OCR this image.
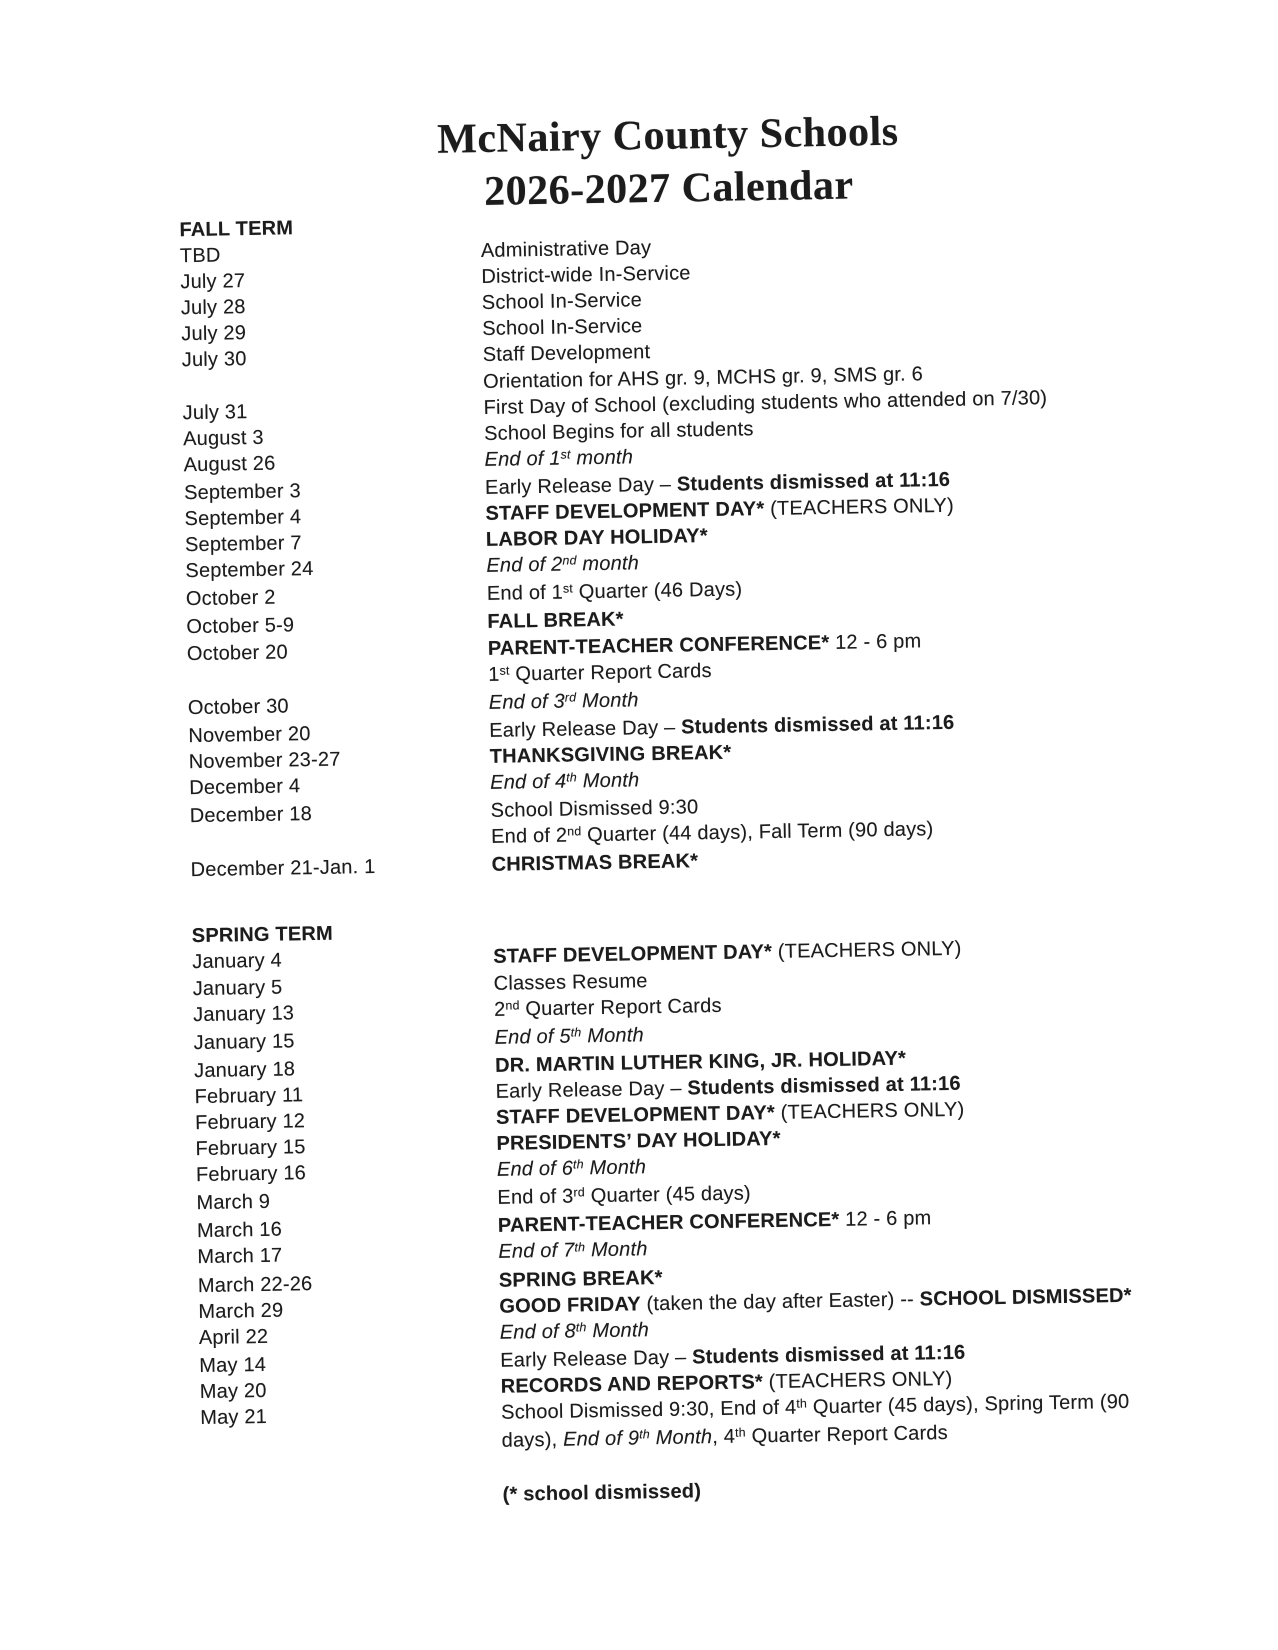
McNairy County Schools
2026-2027 Calendar
FALL TERM
TBD	Administrative Day
July 27	District-wide In-Service
July 28	School In-Service
July 29	School In-Service
July 30	Staff Development
Orientation for AHS gr. 9, MCHS gr. 9, SMS gr. 6
July 31	First Day of School (excluding students who attended on 7/30)
August 3	School Begins for all students
August 26	End of 1st month
September 3	Early Release Day – Students dismissed at 11:16
September 4	STAFF DEVELOPMENT DAY* (TEACHERS ONLY)
September 7	LABOR DAY HOLIDAY*
September 24	End of 2nd month
October 2	End of 1st Quarter (46 Days)
October 5-9	FALL BREAK*
October 20	PARENT-TEACHER CONFERENCE* 12 - 6 pm
1st Quarter Report Cards
October 30	End of 3rd Month
November 20	Early Release Day – Students dismissed at 11:16
November 23-27	THANKSGIVING BREAK*
December 4	End of 4th Month
December 18	School Dismissed 9:30
End of 2nd Quarter (44 days), Fall Term (90 days)
December 21-Jan. 1	CHRISTMAS BREAK*
SPRING TERM
January 4	STAFF DEVELOPMENT DAY* (TEACHERS ONLY)
January 5	Classes Resume
January 13	2nd Quarter Report Cards
January 15	End of 5th Month
January 18	DR. MARTIN LUTHER KING, JR. HOLIDAY*
February 11	Early Release Day – Students dismissed at 11:16
February 12	STAFF DEVELOPMENT DAY* (TEACHERS ONLY)
February 15	PRESIDENTS’ DAY HOLIDAY*
February 16	End of 6th Month
March 9	End of 3rd Quarter (45 days)
March 16	PARENT-TEACHER CONFERENCE* 12 - 6 pm
March 17	End of 7th Month
March 22-26	SPRING BREAK*
March 29	GOOD FRIDAY (taken the day after Easter) -- SCHOOL DISMISSED*
April 22	End of 8th Month
May 14	Early Release Day – Students dismissed at 11:16
May 20	RECORDS AND REPORTS* (TEACHERS ONLY)
May 21	School Dismissed 9:30, End of 4th Quarter (45 days), Spring Term (90
days), End of 9th Month, 4th Quarter Report Cards
(* school dismissed)
